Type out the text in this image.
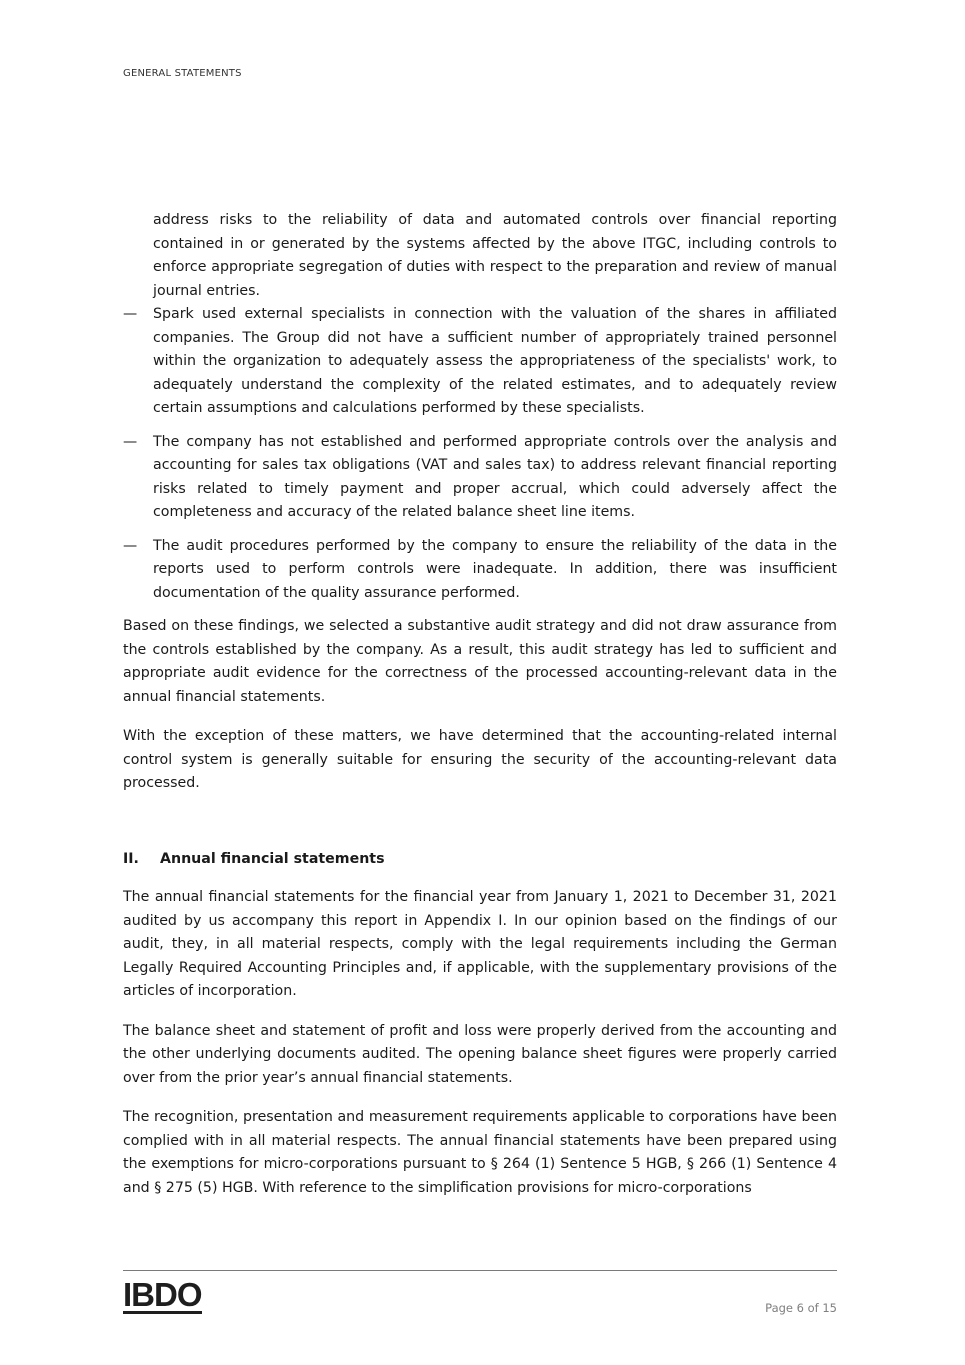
GENERAL STATEMENTS

address risks to the reliability of data and automated controls over financial reporting contained in or generated by the systems affected by the above ITGC, including controls to enforce appropriate segregation of duties with respect to the preparation and review of manual journal entries.

— Spark used external specialists in connection with the valuation of the shares in affiliated companies. The Group did not have a sufficient number of appropriately trained personnel within the organization to adequately assess the appropriateness of the specialists' work, to adequately understand the complexity of the related estimates, and to adequately review certain assumptions and calculations performed by these specialists.
— The company has not established and performed appropriate controls over the analysis and accounting for sales tax obligations (VAT and sales tax) to address relevant financial reporting risks related to timely payment and proper accrual, which could adversely affect the completeness and accuracy of the related balance sheet line items.
— The audit procedures performed by the company to ensure the reliability of the data in the reports used to perform controls were inadequate. In addition, there was insufficient documentation of the quality assurance performed.

Based on these findings, we selected a substantive audit strategy and did not draw assurance from the controls established by the company. As a result, this audit strategy has led to sufficient and appropriate audit evidence for the correctness of the processed accounting-relevant data in the annual financial statements.

With the exception of these matters, we have determined that the accounting-related internal control system is generally suitable for ensuring the security of the accounting-relevant data processed.

II.	Annual financial statements

The annual financial statements for the financial year from January 1, 2021 to December 31, 2021 audited by us accompany this report in Appendix I. In our opinion based on the findings of our audit, they, in all material respects, comply with the legal requirements including the German Legally Required Accounting Principles and, if applicable, with the supplementary provisions of the articles of incorporation.

The balance sheet and statement of profit and loss were properly derived from the accounting and the other underlying documents audited. The opening balance sheet figures were properly carried over from the prior year’s annual financial statements.

The recognition, presentation and measurement requirements applicable to corporations have been complied with in all material respects. The annual financial statements have been prepared using the exemptions for micro-corporations pursuant to § 264 (1) Sentence 5 HGB, § 266 (1) Sentence 4 and § 275 (5) HGB. With reference to the simplification provisions for micro-corporations

IBDO	Page 6 of 15
